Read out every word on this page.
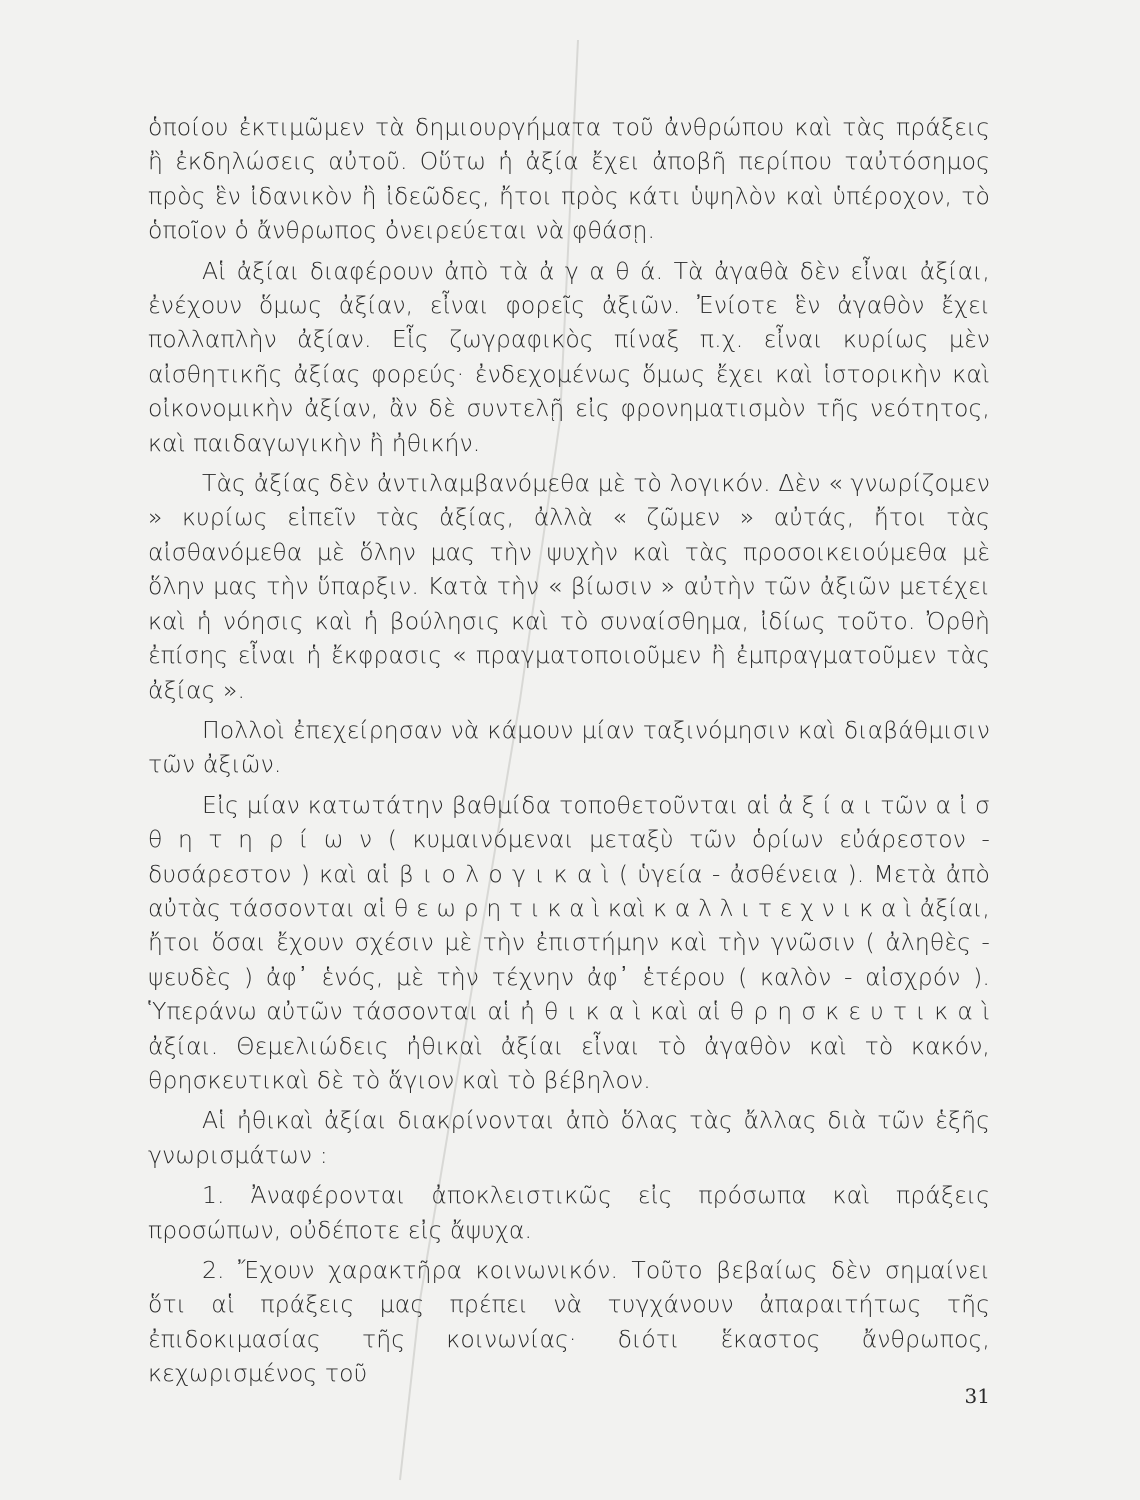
ὁποίου ἐκτιμῶμεν τὰ δημιουργήματα τοῦ ἀνθρώπου καὶ τὰς πράξεις ἢ ἐκδηλώσεις αὐτοῦ. Οὕτω ἡ ἀξία ἔχει ἀποβῆ περίπου ταὐτόσημος πρὸς ἓν ἰδανικὸν ἢ ἰδεῶδες, ἤτοι πρὸς κάτι ὑψηλὸν καὶ ὑπέροχον, τὸ ὁποῖον ὁ ἄνθρωπος ὀνειρεύεται νὰ φθάσῃ.

Αἱ ἀξίαι διαφέρουν ἀπὸ τὰ ἀ γ α θ ά. Τὰ ἀγαθὰ δὲν εἶναι ἀξίαι, ἐνέχουν ὅμως ἀξίαν, εἶναι φορεῖς ἀξιῶν. Ἐνίοτε ἓν ἀγαθὸν ἔχει πολλαπλὴν ἀξίαν. Εἷς ζωγραφικὸς πίναξ π.χ. εἶναι κυρίως μὲν αἰσθητικῆς ἀξίας φορεύς· ἐνδεχομένως ὅμως ἔχει καὶ ἱστορικὴν καὶ οἰκονομικὴν ἀξίαν, ἂν δὲ συντελῇ εἰς φρονηματισμὸν τῆς νεότητος, καὶ παιδαγωγικὴν ἢ ἠθικήν.

Τὰς ἀξίας δὲν ἀντιλαμβανόμεθα μὲ τὸ λογικόν. Δὲν « γνωρίζομεν » κυρίως εἰπεῖν τὰς ἀξίας, ἀλλὰ « ζῶμεν » αὐτάς, ἤτοι τὰς αἰσθανόμεθα μὲ ὅλην μας τὴν ψυχὴν καὶ τὰς προσοικειούμεθα μὲ ὅλην μας τὴν ὕπαρξιν. Κατὰ τὴν « βίωσιν » αὐτὴν τῶν ἀξιῶν μετέχει καὶ ἡ νόησις καὶ ἡ βούλησις καὶ τὸ συναίσθημα, ἰδίως τοῦτο. Ὀρθὴ ἐπίσης εἶναι ἡ ἔκφρασις « πραγματοποιοῦμεν ἢ ἐμπραγματοῦμεν τὰς ἀξίας ».

Πολλοὶ ἐπεχείρησαν νὰ κάμουν μίαν ταξινόμησιν καὶ διαβάθμισιν τῶν ἀξιῶν.

Εἰς μίαν κατωτάτην βαθμίδα τοποθετοῦνται αἱ ἀ ξ ί α ι τῶν α ἰ σ θ η τ η ρ ί ω ν ( κυμαινόμεναι μεταξὺ τῶν ὁρίων εὐάρεστον - δυσάρεστον ) καὶ αἱ β ι ο λ ο γ ι κ α ὶ ( ὑγεία - ἀσθένεια ). Μετὰ ἀπὸ αὐτὰς τάσσονται αἱ θ ε ω ρ η τ ι κ α ὶ καὶ κ α λ λ ι τ ε χ ν ι κ α ὶ ἀξίαι, ἤτοι ὅσαι ἔχουν σχέσιν μὲ τὴν ἐπιστήμην καὶ τὴν γνῶσιν ( ἀληθὲς - ψευδὲς ) ἀφ᾽ ἑνός, μὲ τὴν τέχνην ἀφ᾽ ἑτέρου ( καλὸν - αἰσχρόν ). Ὑπεράνω αὐτῶν τάσσονται αἱ ἠ θ ι κ α ὶ καὶ αἱ θ ρ η σ κ ε υ τ ι κ α ὶ ἀξίαι. Θεμελιώδεις ἠθικαὶ ἀξίαι εἶναι τὸ ἀγαθὸν καὶ τὸ κακόν, θρησκευτικαὶ δὲ τὸ ἅγιον καὶ τὸ βέβηλον.

Αἱ ἠθικαὶ ἀξίαι διακρίνονται ἀπὸ ὅλας τὰς ἄλλας διὰ τῶν ἑξῆς γνωρισμάτων :

1. Ἀναφέρονται ἀποκλειστικῶς εἰς πρόσωπα καὶ πράξεις προσώπων, οὐδέποτε εἰς ἄψυχα.

2. Ἔχουν χαρακτῆρα κοινωνικόν. Τοῦτο βεβαίως δὲν σημαίνει ὅτι αἱ πράξεις μας πρέπει νὰ τυγχάνουν ἀπαραιτήτως τῆς ἐπιδοκιμασίας τῆς κοινωνίας· διότι ἕκαστος ἄνθρωπος, κεχωρισμένος τοῦ

31
